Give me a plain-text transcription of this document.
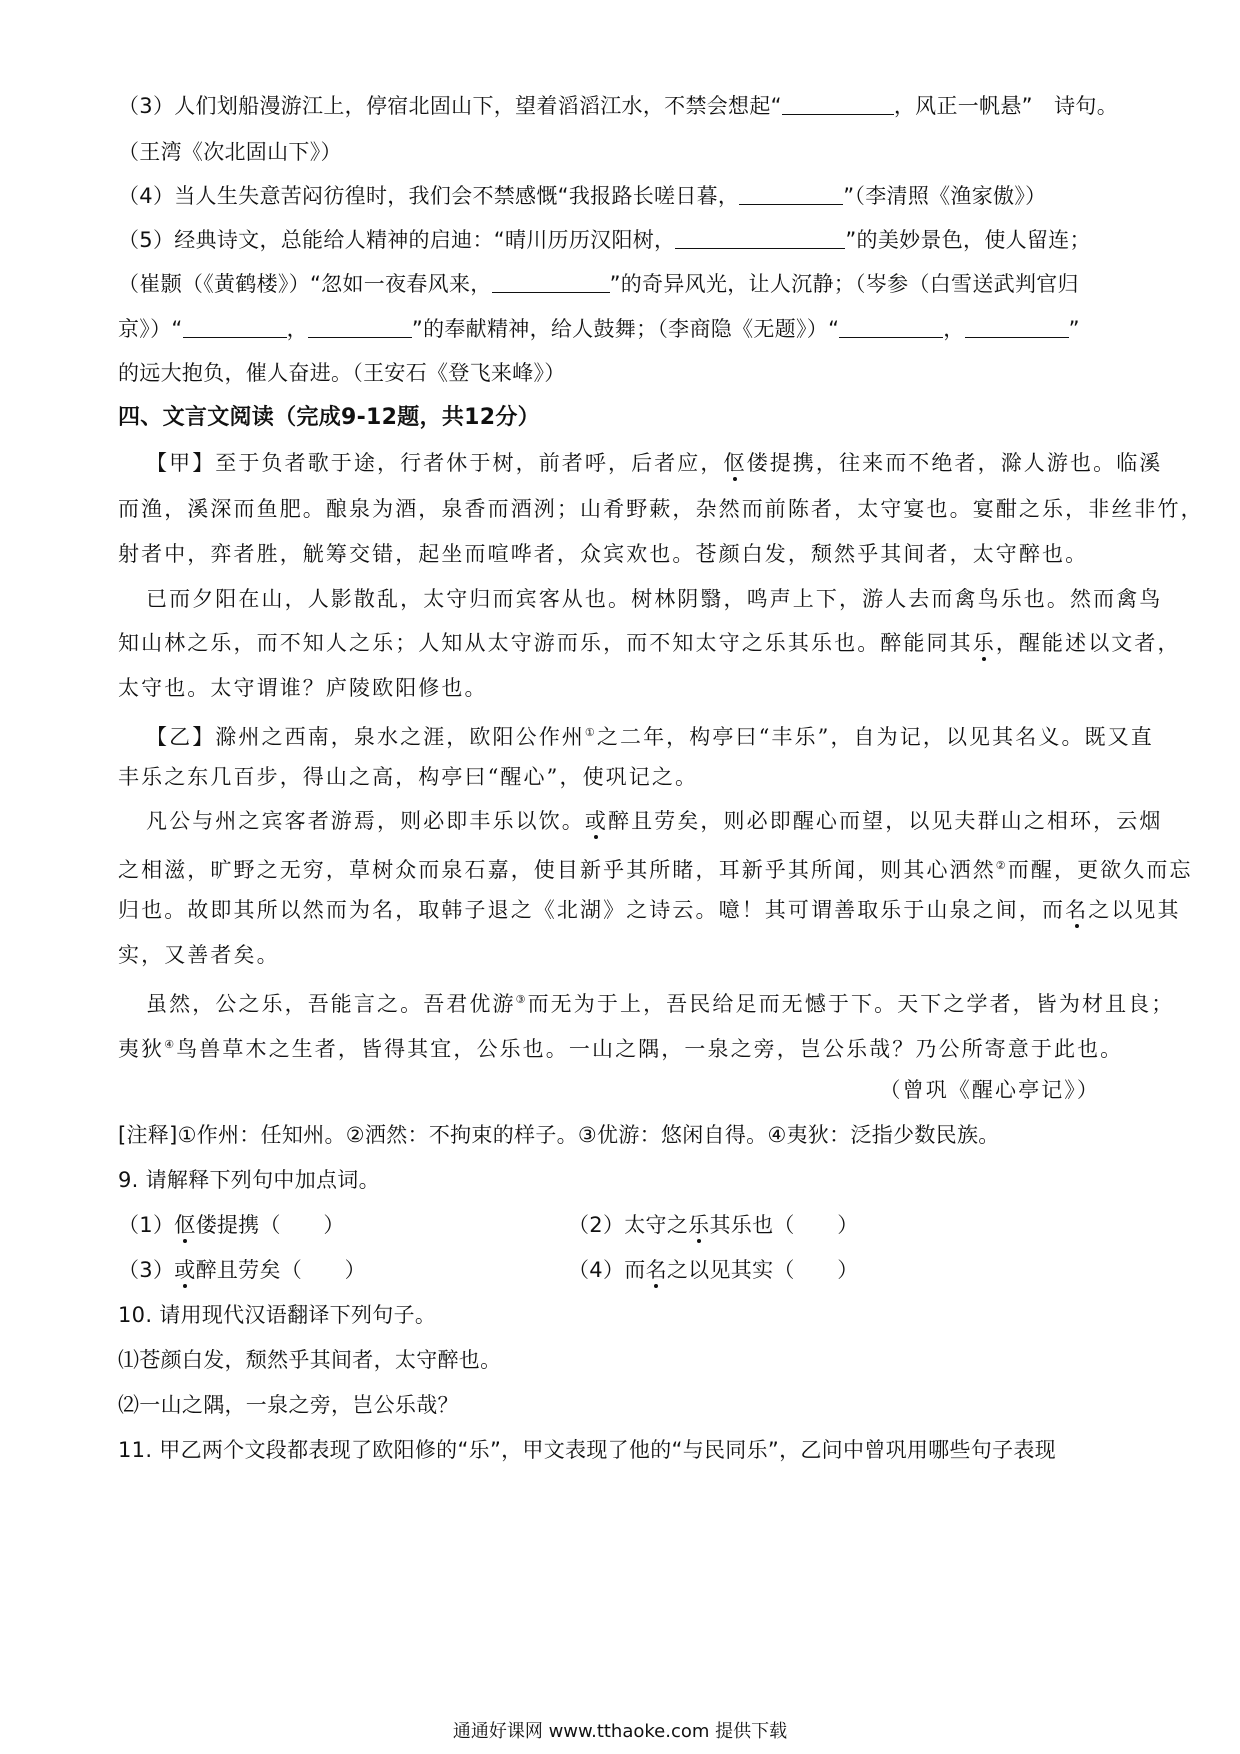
（3）人们划船漫游江上，停宿北固山下，望着滔滔江水，不禁会想起“	，风正一帆悬”　诗句。
（王湾《次北固山下》）
（4）当人生失意苦闷彷徨时，我们会不禁感慨“我报路长嗟日暮，	”（李清照《渔家傲》）
（5）经典诗文，总能给人精神的启迪：“晴川历历汉阳树，	”的美妙景色，使人留连；
（崔颢（《黄鹤楼》）“忽如一夜春风来，	”的奇异风光，让人沉静；（岑参（白雪送武判官归
京》）“	，	”的奉献精神，给人鼓舞；（李商隐《无题》）“	，	”
的远大抱负，催人奋进。（王安石《登飞来峰》）
四、文言文阅读（完成9-12题，共12分）
【甲】至于负者歌于途，行者休于树，前者呼，后者应，伛偻提携，往来而不绝者，滁人游也。临溪
而渔，溪深而鱼肥。酿泉为酒，泉香而酒洌；山肴野蔌，杂然而前陈者，太守宴也。宴酣之乐，非丝非竹，
射者中，弈者胜，觥筹交错，起坐而喧哗者，众宾欢也。苍颜白发，颓然乎其间者，太守醉也。
已而夕阳在山，人影散乱，太守归而宾客从也。树林阴翳，鸣声上下，游人去而禽鸟乐也。然而禽鸟
知山林之乐，而不知人之乐；人知从太守游而乐，而不知太守之乐其乐也。醉能同其乐，醒能述以文者，
太守也。太守谓谁？庐陵欧阳修也。
【乙】滁州之西南，泉水之涯，欧阳公作州①之二年，构亭曰“丰乐”，自为记，以见其名义。既又直
丰乐之东几百步，得山之高，构亭曰“醒心”，使巩记之。
凡公与州之宾客者游焉，则必即丰乐以饮。或醉且劳矣，则必即醒心而望，以见夫群山之相环，云烟
之相滋，旷野之无穷，草树众而泉石嘉，使目新乎其所睹，耳新乎其所闻，则其心洒然②而醒，更欲久而忘
归也。故即其所以然而为名，取韩子退之《北湖》之诗云。噫！其可谓善取乐于山泉之间，而名之以见其
实，又善者矣。
虽然，公之乐，吾能言之。吾君优游③而无为于上，吾民给足而无憾于下。天下之学者，皆为材且良；
夷狄④鸟兽草木之生者，皆得其宜，公乐也。一山之隅，一泉之旁，岂公乐哉？乃公所寄意于此也。
（曾巩《醒心亭记》）
[注释]①作州：任知州。②洒然：不拘束的样子。③优游：悠闲自得。④夷狄：泛指少数民族。
9. 请解释下列句中加点词。
（1）伛偻提携（　　）	（2）太守之乐其乐也（　　）
（3）或醉且劳矣（　　）	（4）而名之以见其实（　　）
10. 请用现代汉语翻译下列句子。
⑴苍颜白发，颓然乎其间者，太守醉也。
⑵一山之隅，一泉之旁，岂公乐哉？
11. 甲乙两个文段都表现了欧阳修的“乐”，甲文表现了他的“与民同乐”，乙问中曾巩用哪些句子表现
通通好课网 www.tthaoke.com 提供下载
